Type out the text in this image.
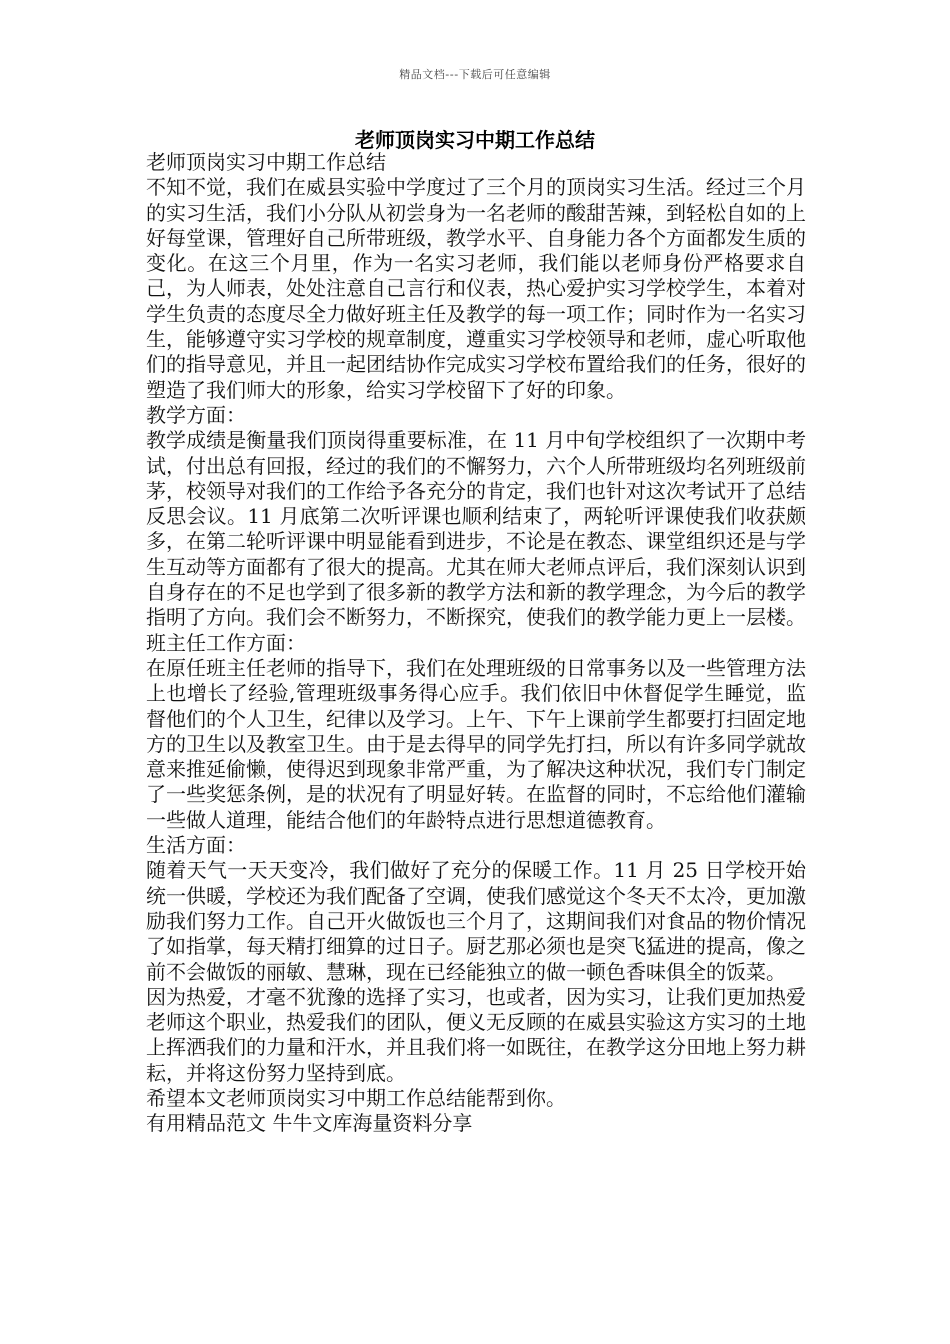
精品文档---下载后可任意编辑
老师顶岗实习中期工作总结

老师顶岗实习中期工作总结

不知不觉，我们在威县实验中学度过了三个月的顶岗实习生活。经过三个月的实习生活，我们小分队从初尝身为一名老师的酸甜苦辣，到轻松自如的上好每堂课，管理好自己所带班级，教学水平、自身能力各个方面都发生质的变化。在这三个月里，作为一名实习老师，我们能以老师身份严格要求自己，为人师表，处处注意自己言行和仪表，热心爱护实习学校学生，本着对学生负责的态度尽全力做好班主任及教学的每一项工作；同时作为一名实习生，能够遵守实习学校的规章制度，遵重实习学校领导和老师，虚心听取他们的指导意见，并且一起团结协作完成实习学校布置给我们的任务，很好的塑造了我们师大的形象，给实习学校留下了好的印象。

教学方面：

教学成绩是衡量我们顶岗得重要标准，在 11 月中旬学校组织了一次期中考试，付出总有回报，经过的我们的不懈努力，六个人所带班级均名列班级前茅，校领导对我们的工作给予各充分的肯定，我们也针对这次考试开了总结反思会议。11 月底第二次听评课也顺利结束了，两轮听评课使我们收获颇多，在第二轮听评课中明显能看到进步，不论是在教态、课堂组织还是与学生互动等方面都有了很大的提高。尤其在师大老师点评后，我们深刻认识到自身存在的不足也学到了很多新的教学方法和新的教学理念，为今后的教学指明了方向。我们会不断努力，不断探究，使我们的教学能力更上一层楼。

班主任工作方面：

在原任班主任老师的指导下，我们在处理班级的日常事务以及一些管理方法上也增长了经验,管理班级事务得心应手。我们依旧中休督促学生睡觉，监督他们的个人卫生，纪律以及学习。上午、下午上课前学生都要打扫固定地方的卫生以及教室卫生。由于是去得早的同学先打扫，所以有许多同学就故意来推延偷懒，使得迟到现象非常严重，为了解决这种状况，我们专门制定了一些奖惩条例，是的状况有了明显好转。在监督的同时，不忘给他们灌输一些做人道理，能结合他们的年龄特点进行思想道德教育。

生活方面：

随着天气一天天变冷，我们做好了充分的保暖工作。11 月 25 日学校开始统一供暖，学校还为我们配备了空调，使我们感觉这个冬天不太冷，更加激励我们努力工作。自己开火做饭也三个月了，这期间我们对食品的物价情况了如指掌，每天精打细算的过日子。厨艺那必须也是突飞猛进的提高，像之前不会做饭的丽敏、慧琳，现在已经能独立的做一顿色香味俱全的饭菜。

因为热爱，才毫不犹豫的选择了实习，也或者，因为实习，让我们更加热爱老师这个职业，热爱我们的团队，便义无反顾的在威县实验这方实习的土地上挥洒我们的力量和汗水，并且我们将一如既往，在教学这分田地上努力耕耘，并将这份努力坚持到底。

希望本文老师顶岗实习中期工作总结能帮到你。

有用精品范文 牛牛文库海量资料分享
